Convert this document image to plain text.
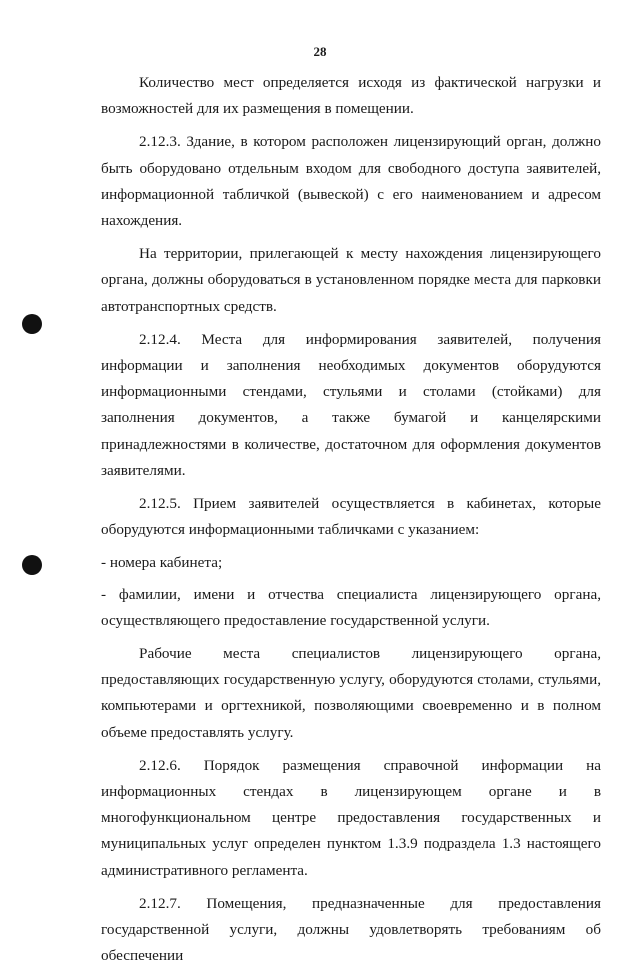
28

Количество мест определяется исходя из фактической нагрузки и возможностей для их размещения в помещении.

2.12.3. Здание, в котором расположен лицензирующий орган, должно быть оборудовано отдельным входом для свободного доступа заявителей, информационной табличкой (вывеской) с его наименованием и адресом нахождения.

На территории, прилегающей к месту нахождения лицензирующего органа, должны оборудоваться в установленном порядке места для парковки автотранспортных средств.

2.12.4. Места для информирования заявителей, получения информации и заполнения необходимых документов оборудуются информационными стендами, стульями и столами (стойками) для заполнения документов, а также бумагой и канцелярскими принадлежностями в количестве, достаточном для оформления документов заявителями.

2.12.5. Прием заявителей осуществляется в кабинетах, которые оборудуются информационными табличками с указанием:

- номера кабинета;

- фамилии, имени и отчества специалиста лицензирующего органа, осуществляющего предоставление государственной услуги.

Рабочие места специалистов лицензирующего органа, предоставляющих государственную услугу, оборудуются столами, стульями, компьютерами и оргтехникой, позволяющими своевременно и в полном объеме предоставлять услугу.

2.12.6. Порядок размещения справочной информации на информационных стендах в лицензирующем органе и в многофункциональном центре предоставления государственных и муниципальных услуг определен пунктом 1.3.9 подраздела 1.3 настоящего административного регламента.

2.12.7. Помещения, предназначенные для предоставления государственной услуги, должны удовлетворять требованиям об обеспечении
